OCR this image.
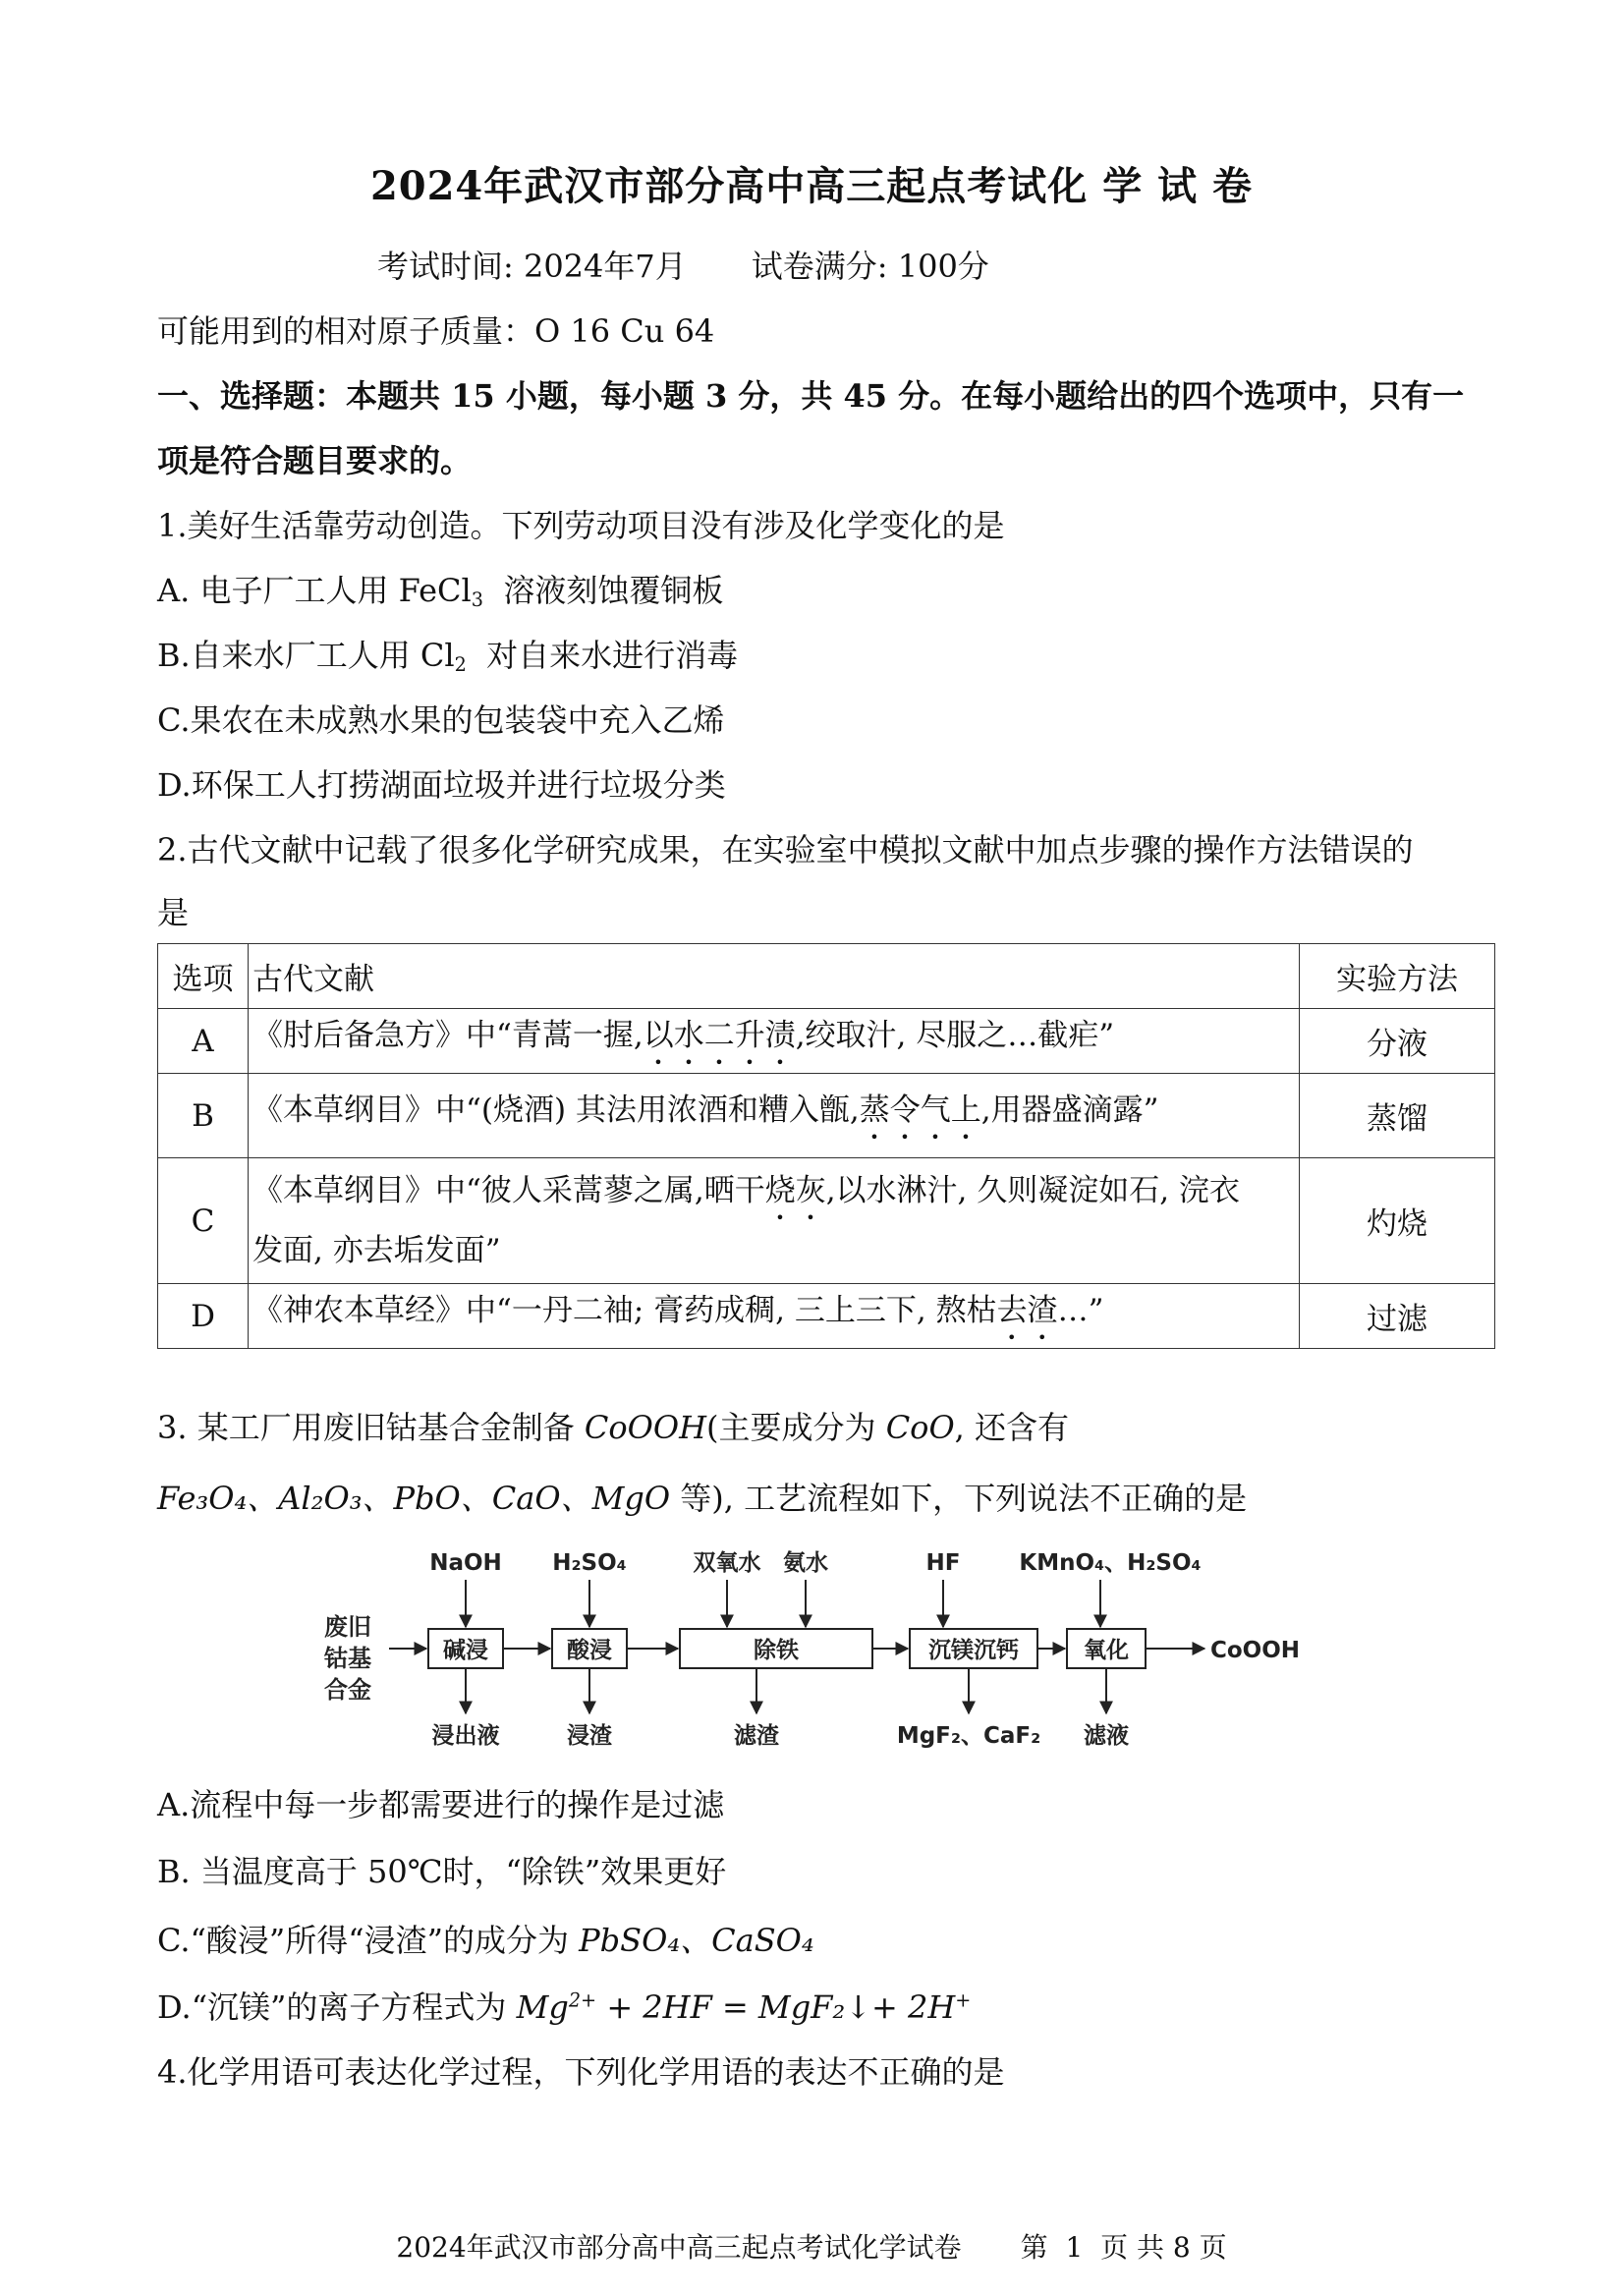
2024年武汉市部分高中高三起点考试化 学 试 卷
考试时间: 2024年7月 试卷满分: 100分
可能用到的相对原子质量：O 16 Cu 64
一、选择题：本题共 15 小题，每小题 3 分，共 45 分。在每小题给出的四个选项中，只有一
项是符合题目要求的。
1.美好生活靠劳动创造。下列劳动项目没有涉及化学变化的是
A. 电子厂工人用 FeCl$_3$  溶液刻蚀覆铜板
B.自来水厂工人用 $Cl_2$  对自来水进行消毒
C.果农在未成熟水果的包装袋中充入乙烯
D.环保工人打捞湖面垃圾并进行垃圾分类
2.古代文献中记载了很多化学研究成果，在实验室中模拟文献中加点步骤的操作方法错误的
是
选项	古代文献	实验方法
A	《肘后备急方》中“青蒿一握,以水二升渍,绞取汁, 尽服之…截疟”	分液
B	《本草纲目》中“(烧酒) 其法用浓酒和糟入甑,蒸令气上,用器盛滴露”	蒸馏
C	《本草纲目》中“彼人采蒿蓼之属,晒干烧灰,以水淋汁, 久则凝淀如石, 浣衣
发面, 亦去垢发面”	灼烧
D	《神农本草经》中“一丹二袖; 膏药成稠, 三上三下, 熬枯去渣…”	过滤
3. 某工厂用废旧钴基合金制备 CoOOH(主要成分为 CoO, 还含有
Fe₃O₄、Al₂O₃、PbO、CaO、MgO 等), 工艺流程如下，下列说法不正确的是
废旧
钴基
合金
碱浸	酸浸	除铁	沉镁沉钙	氧化
NaOH H₂SO₄	双氧水 氨水	HF	KMnO₄、H₂SO₄
浸出液	浸渣	滤渣	MgF₂、CaF₂ 滤液
CoOOH
A.流程中每一步都需要进行的操作是过滤
B. 当温度高于 50℃时，“除铁”效果更好
C.“酸浸”所得“浸渣”的成分为 PbSO₄、CaSO₄
D.“沉镁”的离子方程式为 $Mg^{2+} + 2HF$ = MgF₂↓+ 2H+
4.化学用语可表达化学过程，下列化学用语的表达不正确的是
2024年武汉市部分高中高三起点考试化学试卷 第  1  页 共 8 页
